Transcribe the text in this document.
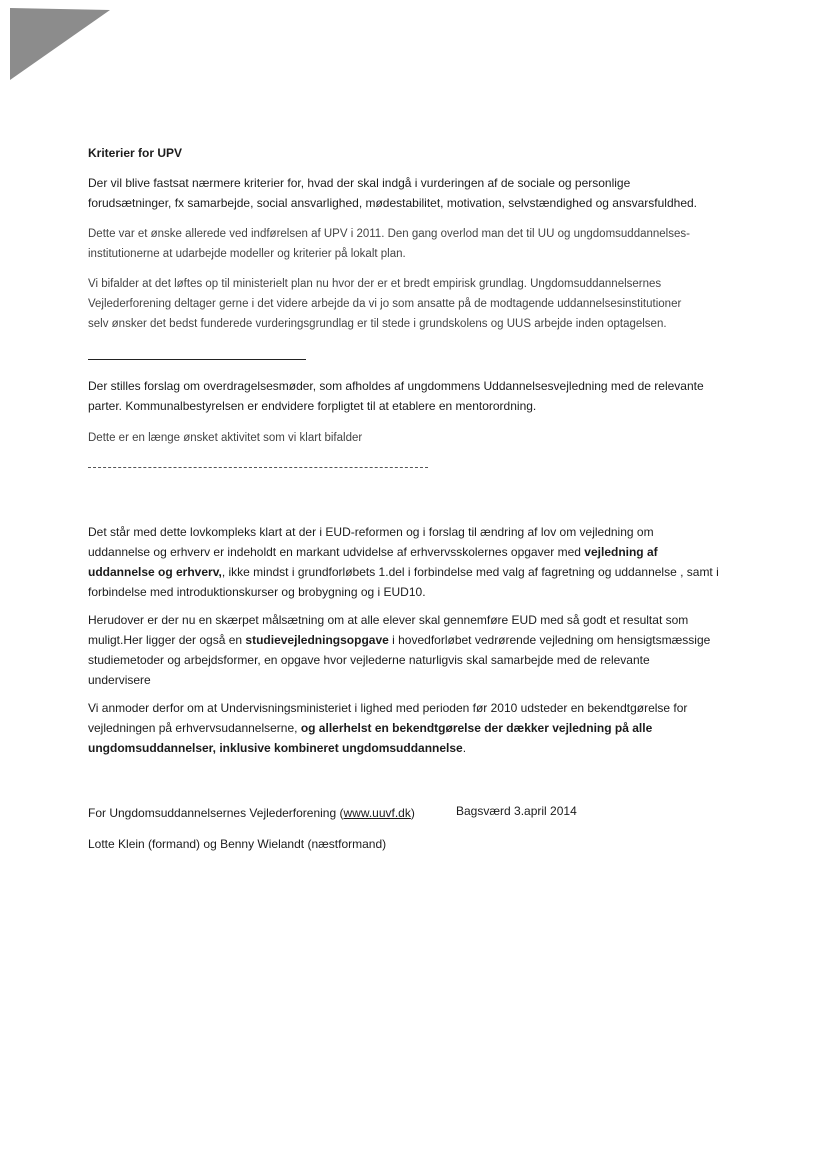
Kriterier for UPV
Der vil blive fastsat nærmere kriterier for, hvad der skal indgå i vurderingen af de sociale og personlige
forudsætninger, fx samarbejde, social ansvarlighed, mødestabilitet, motivation, selvstændighed og ansvarsfuldhed.
Dette var et ønske allerede ved indførelsen af UPV i 2011. Den gang overlod man det til UU og ungdomsuddannelses-
institutionerne at udarbejde modeller og kriterier på lokalt plan.
Vi bifalder at det løftes op til ministerielt plan nu hvor der er et bredt empirisk grundlag. Ungdomsuddannelsernes
Vejlederforening deltager gerne i det videre arbejde da vi jo som ansatte på de modtagende uddannelsesinstitutioner
selv ønsker det bedst funderede vurderingsgrundlag er til stede i grundskolens og UUS arbejde inden optagelsen.
Der stilles forslag om overdragelsesmøder, som afholdes af ungdommens Uddannelsesvejledning med de relevante
parter. Kommunalbestyrelsen er endvidere forpligtet til at etablere en mentorordning.
Dette er en længe ønsket aktivitet som vi klart bifalder
Det står med dette lovkompleks klart at der i EUD-reformen og i forslag til ændring af lov om vejledning om
uddannelse og erhverv er indeholdt en markant udvidelse af erhvervsskolernes opgaver med vejledning af
uddannelse og erhverv,, ikke mindst i grundforløbets 1.del i forbindelse med valg af fagretning og uddannelse , samt i
forbindelse med introduktionskurser og brobygning og i EUD10.
Herudover er der nu en skærpet målsætning om at alle elever skal gennemføre EUD med så godt et resultat som
muligt.Her ligger der også en studievejledningsopgave i hovedforløbet vedrørende vejledning om hensigtsmæssige
studiemetoder og arbejdsformer, en opgave hvor vejlederne naturligvis skal samarbejde med de relevante
undervisere
Vi anmoder derfor om at Undervisningsministeriet i lighed med perioden før 2010 udsteder en bekendtgørelse for
vejledningen på erhvervsudannelserne, og allerhelst en bekendtgørelse der dækker vejledning på alle
ungdomsuddannelser, inklusive kombineret ungdomsuddannelse.
For Ungdomsuddannelsernes Vejlederforening (www.uuvf.dk)	Bagsværd 3.april 2014
Lotte Klein (formand) og Benny Wielandt (næstformand)
